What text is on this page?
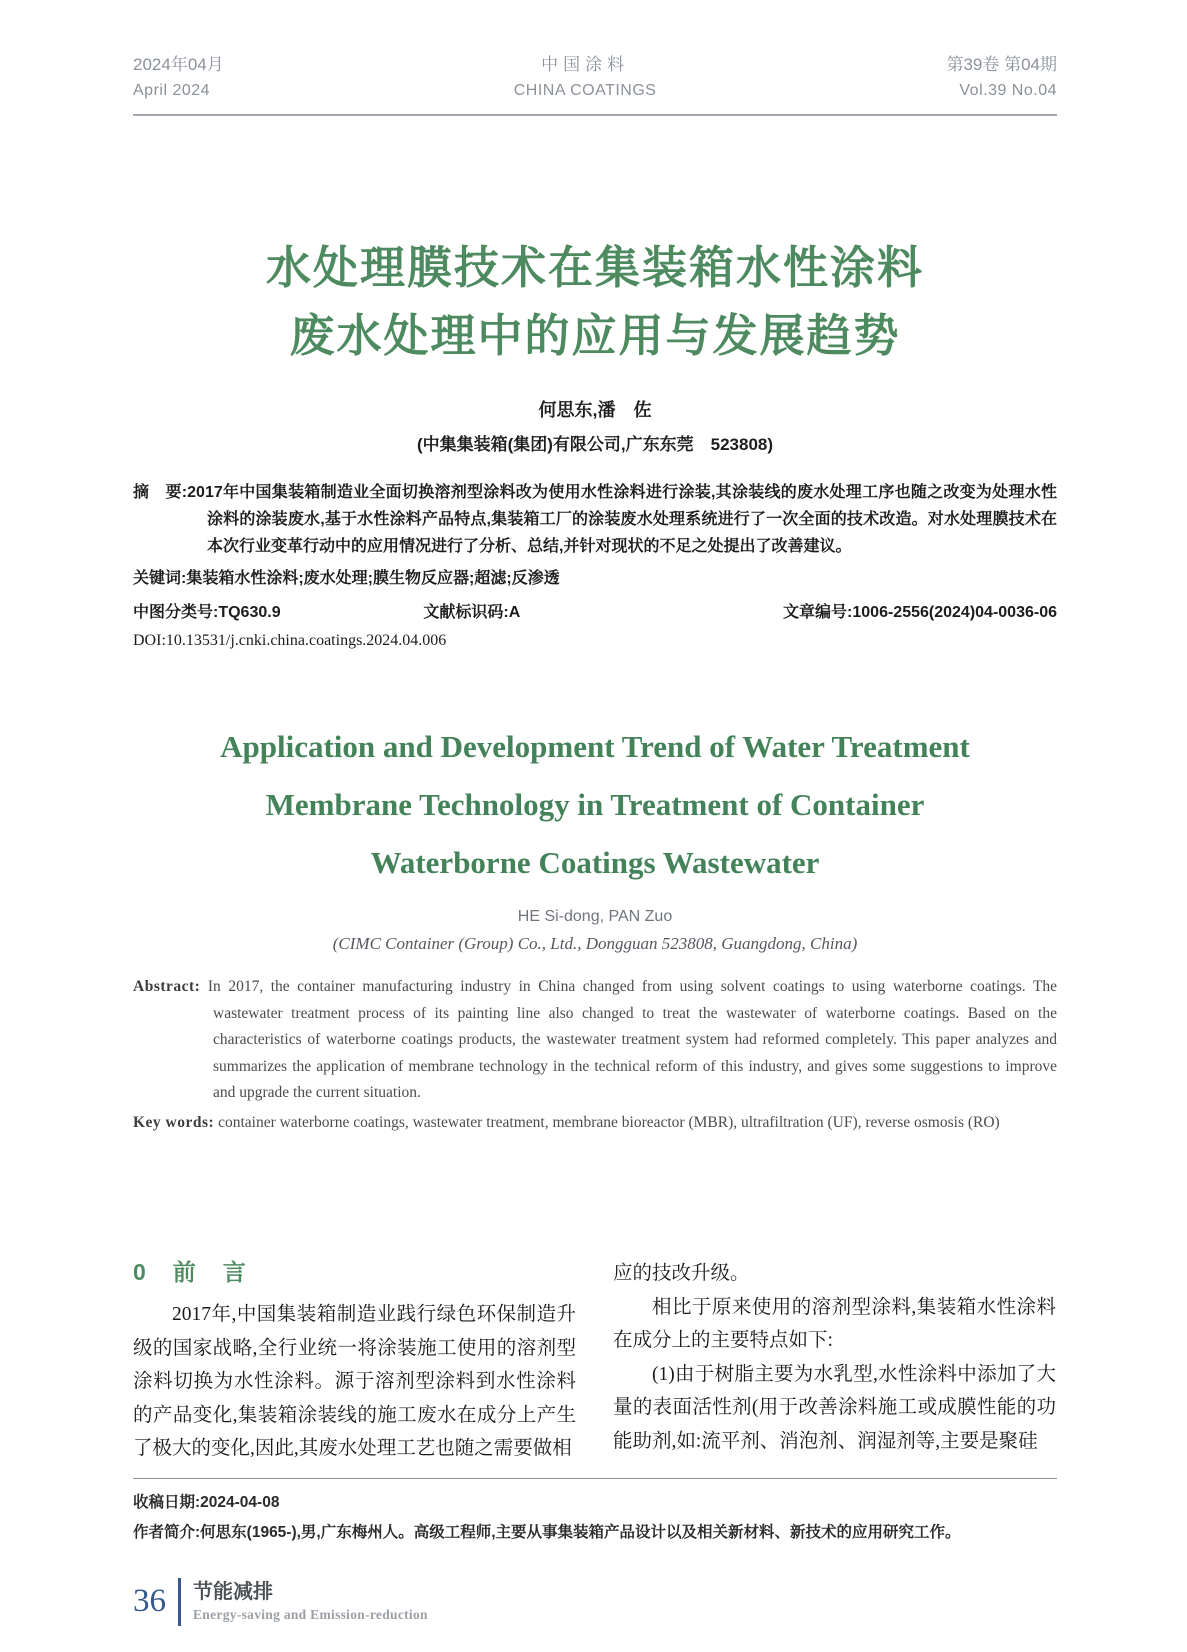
2024年04月
April 2024
中国涂料
CHINA COATINGS
第39卷 第04期
Vol.39 No.04
水处理膜技术在集装箱水性涂料
废水处理中的应用与发展趋势
何思东,潘　佐
(中集集装箱(集团)有限公司,广东东莞　523808)

摘　要:2017年中国集装箱制造业全面切换溶剂型涂料改为使用水性涂料进行涂装,其涂装线的废水处理工序也随之改变为处理水性涂料的涂装废水,基于水性涂料产品特点,集装箱工厂的涂装废水处理系统进行了一次全面的技术改造。对水处理膜技术在本次行业变革行动中的应用情况进行了分析、总结,并针对现状的不足之处提出了改善建议。

关键词:集装箱水性涂料;废水处理;膜生物反应器;超滤;反渗透

中图分类号:TQ630.9	文献标识码:A	文章编号:1006-2556(2024)04-0036-06
DOI:10.13531/j.cnki.china.coatings.2024.04.006
Application and Development Trend of Water Treatment
Membrane Technology in Treatment of Container
Waterborne Coatings Wastewater
HE Si-dong, PAN Zuo
(CIMC Container (Group) Co., Ltd., Dongguan 523808, Guangdong, China)

Abstract: In 2017, the container manufacturing industry in China changed from using solvent coatings to using waterborne coatings. The wastewater treatment process of its painting line also changed to treat the wastewater of waterborne coatings. Based on the characteristics of waterborne coatings products, the wastewater treatment system had reformed completely. This paper analyzes and summarizes the application of membrane technology in the technical reform of this industry, and gives some suggestions to improve and upgrade the current situation.

Key words: container waterborne coatings, wastewater treatment, membrane bioreactor (MBR), ultrafiltration (UF), reverse osmosis (RO)

0　前　言

2017年,中国集装箱制造业践行绿色环保制造升级的国家战略,全行业统一将涂装施工使用的溶剂型涂料切换为水性涂料。源于溶剂型涂料到水性涂料的产品变化,集装箱涂装线的施工废水在成分上产生了极大的变化,因此,其废水处理工艺也随之需要做相

应的技改升级。

相比于原来使用的溶剂型涂料,集装箱水性涂料在成分上的主要特点如下:

(1)由于树脂主要为水乳型,水性涂料中添加了大量的表面活性剂(用于改善涂料施工或成膜性能的功能助剂,如:流平剂、消泡剂、润湿剂等,主要是聚硅

收稿日期:2024-04-08
作者简介:何思东(1965-),男,广东梅州人。高级工程师,主要从事集装箱产品设计以及相关新材料、新技术的应用研究工作。
36 节能减排
Energy-saving and Emission-reduction
